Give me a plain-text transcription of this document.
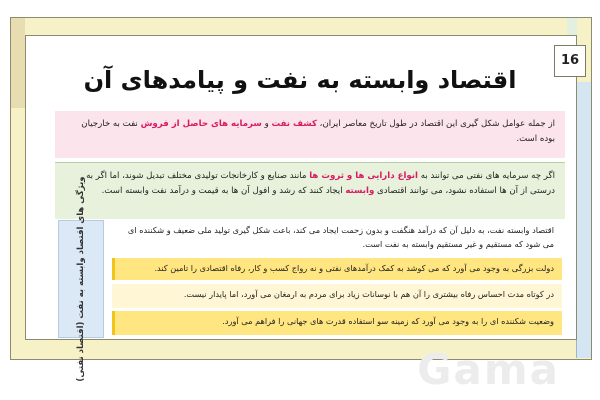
16
اقتصاد وابسته به نفت و پیامدهای آن
از جمله عوامل شکل گیری این اقتصاد در طول تاریخ معاصر ایران، کشف نفت و سرمایه های حاصل از فروش نفت به خارجیان بوده است.
اگر چه سرمایه های نفتی می توانند به انواع دارایی ها و ثروت ها مانند صنایع و کارخانجات تولیدی مختلف تبدیل شوند، اما اگر به درستی از آن ها استفاده نشود، می توانند اقتصادی وابسته ایجاد کنند که رشد و افول آن ها به قیمت و درآمد نفت وابسته است.
ویژگی های اقتصاد وابسته به نفت (اقتصاد نفتی)	اقتصاد وابسته نفت، به دلیل آن که درآمد هنگفت و بدون زحمت ایجاد می کند، باعث شکل گیری تولید ملی ضعیف و شکننده ای می شود که مستقیم و غیر مستقیم وابسته به نفت است.
دولت بزرگی به وجود می آورد که می کوشد به کمک درآمدهای نفتی و نه رواج کسب و کار، رفاه اقتصادی را تامین کند.
در کوتاه مدت احساس رفاه بیشتری را آن هم با نوسانات زیاد برای مردم به ارمغان می آورد، اما پایدار نیست.
وضعیت شکننده ای را به وجود می آورد که زمینه سو استفاده قدرت های جهانی را فراهم می آورد.
Gama
